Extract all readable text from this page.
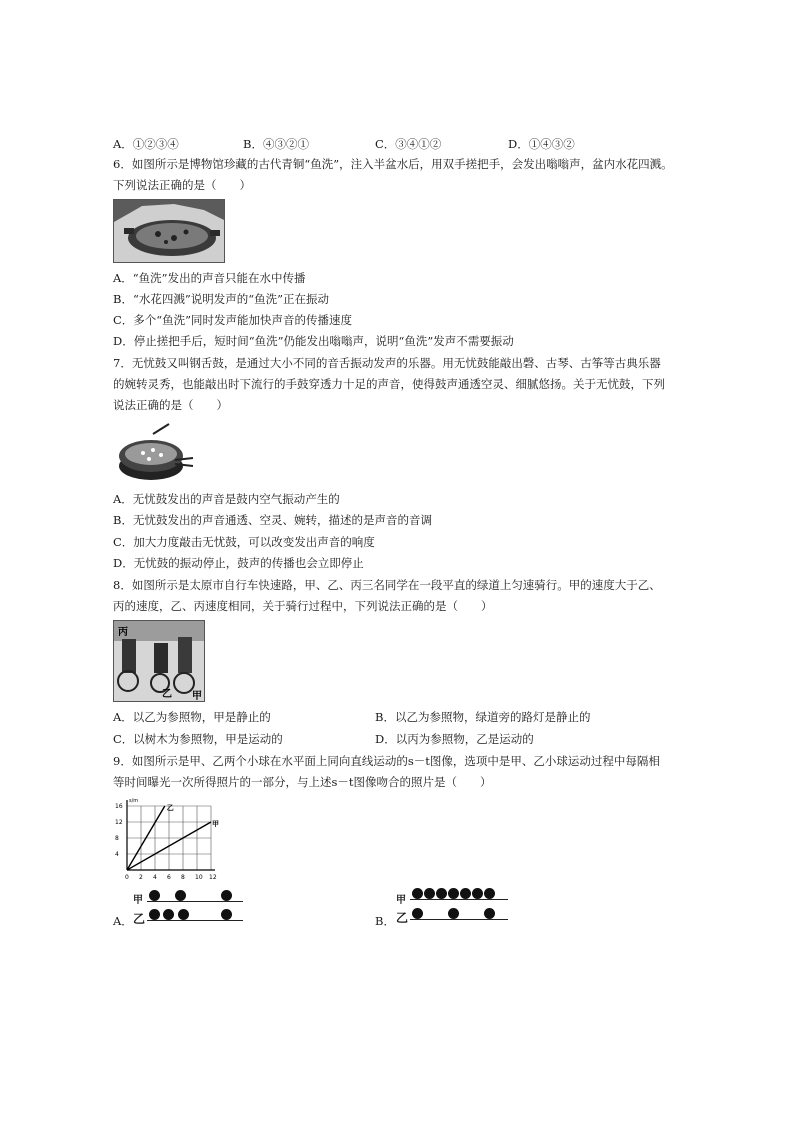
A．①②③④	B．④③②①	C．③④①②	D．①④③②
6．如图所示是博物馆珍藏的古代青铜“鱼洗”，注入半盆水后，用双手搓把手，会发出嗡嗡声，盆内水花四溅。
下列说法正确的是（　　）
A．“鱼洗”发出的声音只能在水中传播
B．“水花四溅”说明发声的“鱼洗”正在振动
C．多个“鱼洗”同时发声能加快声音的传播速度
D．停止搓把手后，短时间“鱼洗”仍能发出嗡嗡声，说明“鱼洗”发声不需要振动
7．无忧鼓又叫钢舌鼓，是通过大小不同的音舌振动发声的乐器。用无忧鼓能敲出磬、古琴、古筝等古典乐器
的婉转灵秀，也能敲出时下流行的手鼓穿透力十足的声音，使得鼓声通透空灵、细腻悠扬。关于无忧鼓，下列
说法正确的是（　　）
A．无忧鼓发出的声音是鼓内空气振动产生的
B．无忧鼓发出的声音通透、空灵、婉转，描述的是声音的音调
C．加大力度敲击无忧鼓，可以改变发出声音的响度
D．无忧鼓的振动停止，鼓声的传播也会立即停止
8．如图所示是太原市自行车快速路，甲、乙、丙三名同学在一段平直的绿道上匀速骑行。甲的速度大于乙、
丙的速度，乙、丙速度相同，关于骑行过程中，下列说法正确的是（　　）
丙
乙 甲
A．以乙为参照物，甲是静止的	B．以乙为参照物，绿道旁的路灯是静止的
C．以树木为参照物，甲是运动的	D．以丙为参照物，乙是运动的
9．如图所示是甲、乙两个小球在水平面上同向直线运动的s－t图像，选项中是甲、乙小球运动过程中每隔相
等时间曝光一次所得照片的一部分，与上述s－t图像吻合的照片是（　　）
0 2 4 6 8 10 12
4
8
12
16
s/m
乙
甲
A．
甲
乙	B．
甲
乙
